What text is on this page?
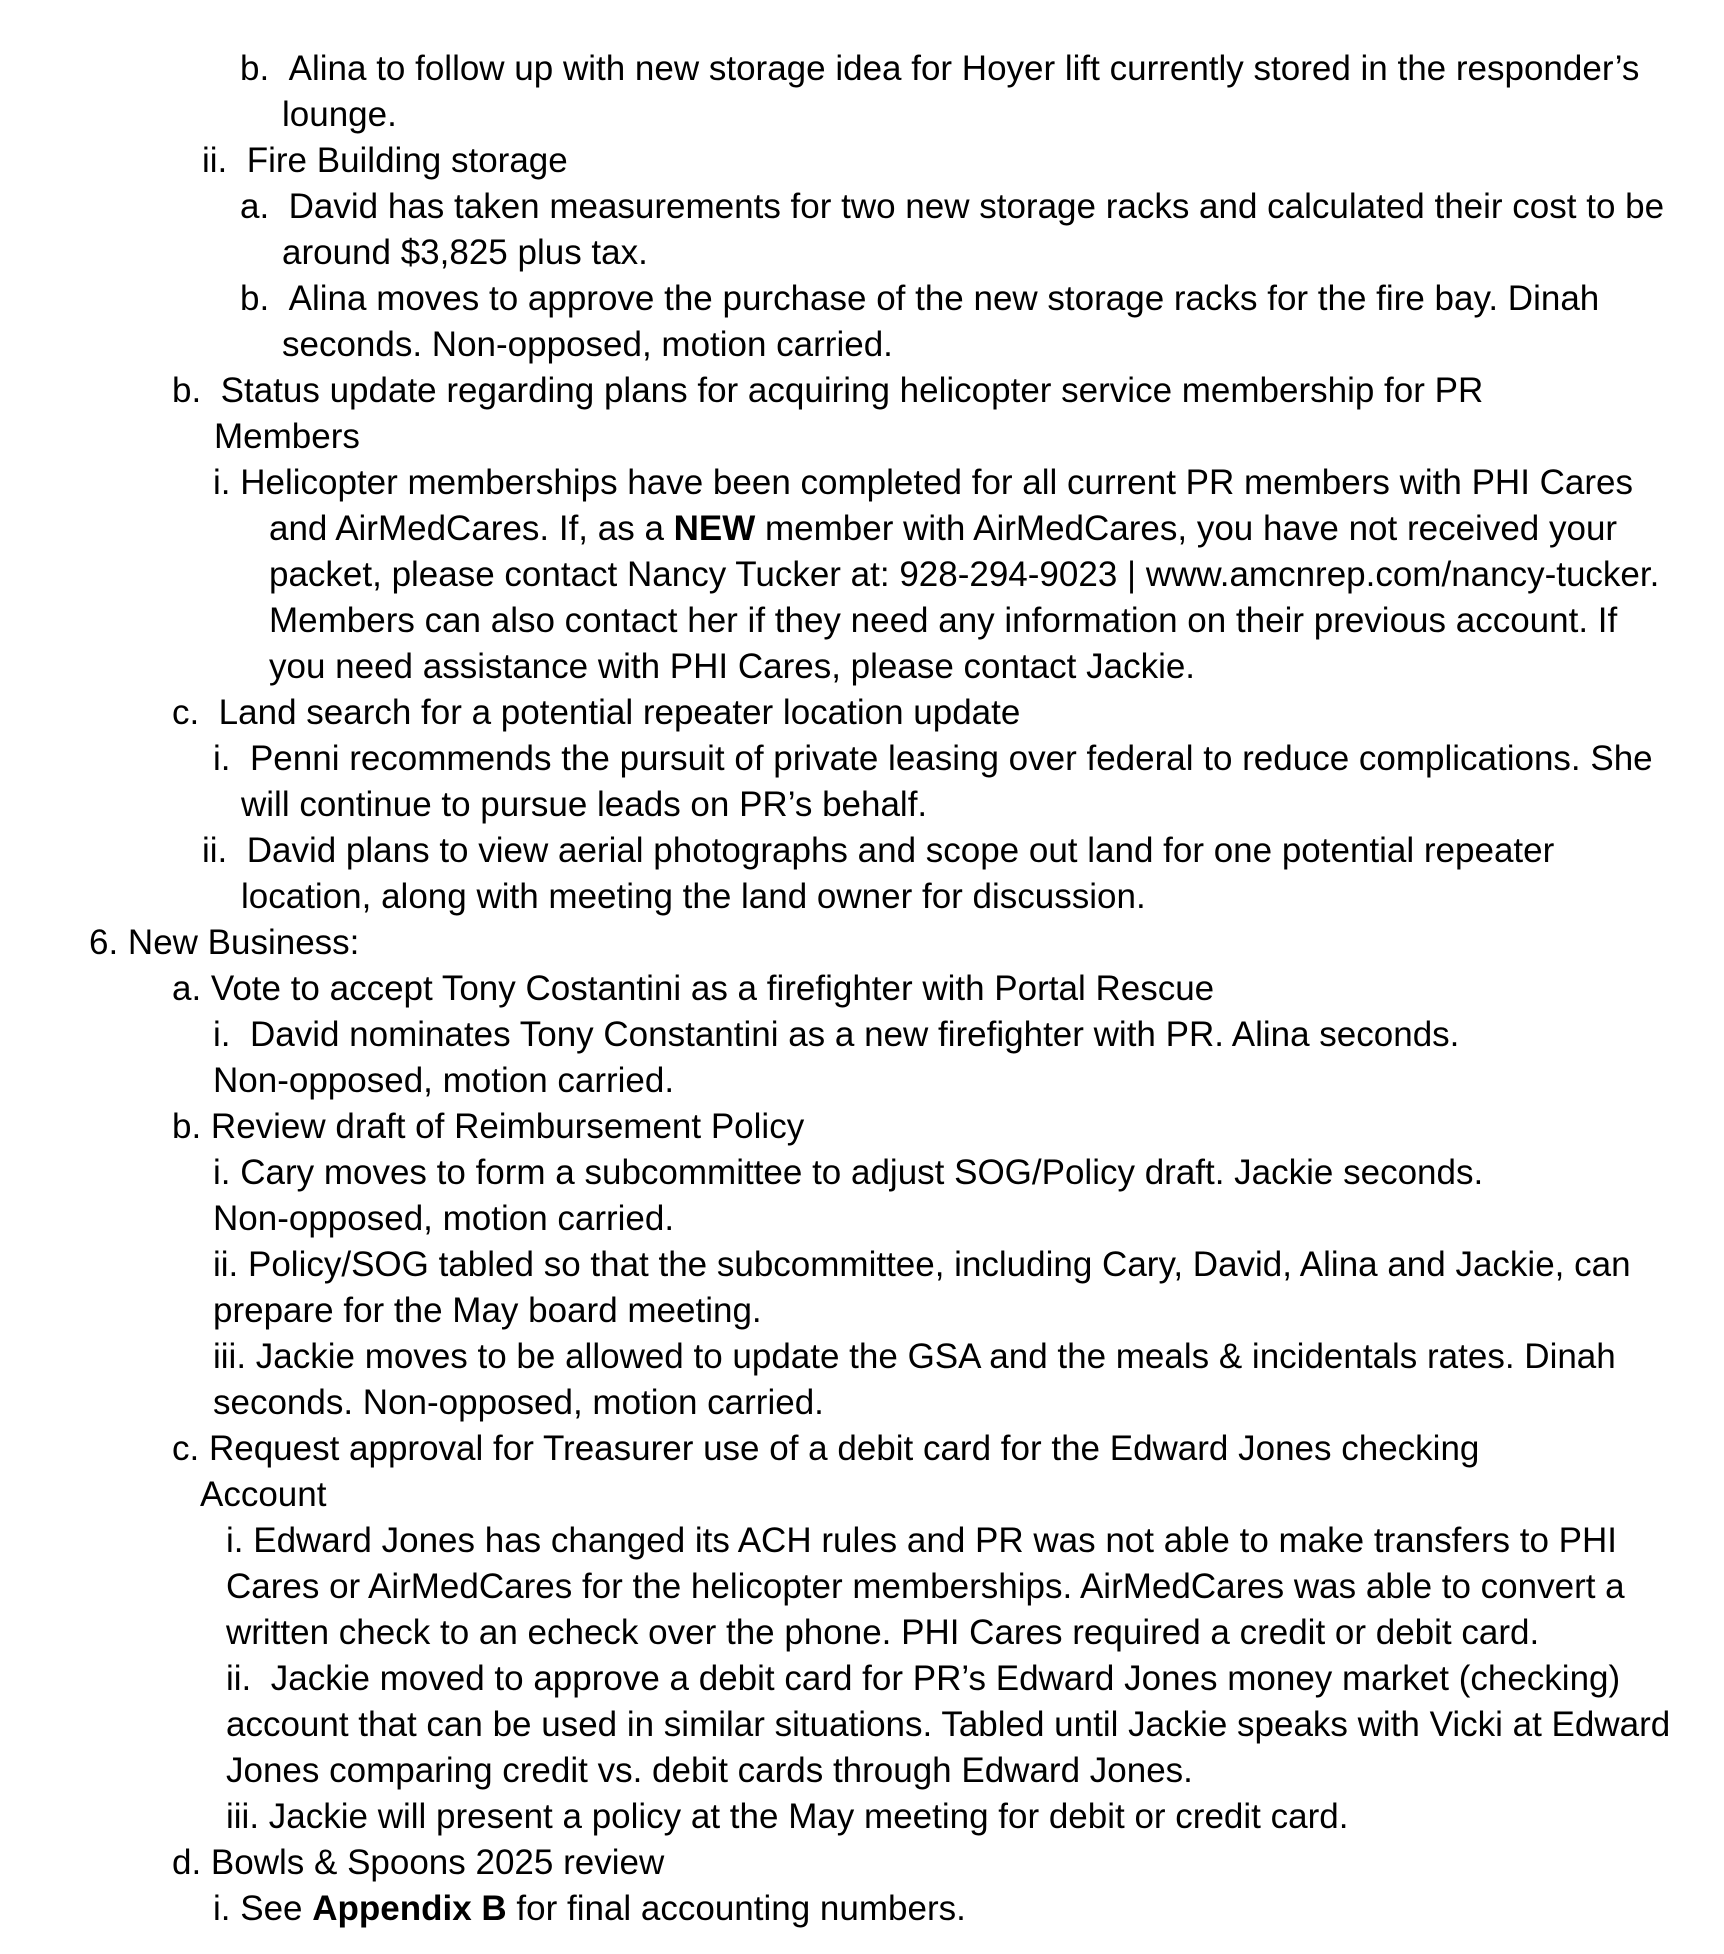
b.  Alina to follow up with new storage idea for Hoyer lift currently stored in the responder’s
lounge.
ii.  Fire Building storage
a.  David has taken measurements for two new storage racks and calculated their cost to be
around $3,825 plus tax.
b.  Alina moves to approve the purchase of the new storage racks for the fire bay. Dinah
seconds. Non-opposed, motion carried.
b.  Status update regarding plans for acquiring helicopter service membership for PR
Members
i. Helicopter memberships have been completed for all current PR members with PHI Cares
and AirMedCares. If, as a NEW member with AirMedCares, you have not received your
packet, please contact Nancy Tucker at: 928-294-9023 | www.amcnrep.com/nancy-tucker.
Members can also contact her if they need any information on their previous account. If
you need assistance with PHI Cares, please contact Jackie.
c.  Land search for a potential repeater location update
i.  Penni recommends the pursuit of private leasing over federal to reduce complications. She
will continue to pursue leads on PR’s behalf.
ii.  David plans to view aerial photographs and scope out land for one potential repeater
location, along with meeting the land owner for discussion.
6. New Business:
a. Vote to accept Tony Costantini as a firefighter with Portal Rescue
i.  David nominates Tony Constantini as a new firefighter with PR. Alina seconds.
Non-opposed, motion carried.
b. Review draft of Reimbursement Policy
i. Cary moves to form a subcommittee to adjust SOG/Policy draft. Jackie seconds.
Non-opposed, motion carried.
ii. Policy/SOG tabled so that the subcommittee, including Cary, David, Alina and Jackie, can
prepare for the May board meeting.
iii. Jackie moves to be allowed to update the GSA and the meals & incidentals rates. Dinah
seconds. Non-opposed, motion carried.
c. Request approval for Treasurer use of a debit card for the Edward Jones checking
Account
i. Edward Jones has changed its ACH rules and PR was not able to make transfers to PHI
Cares or AirMedCares for the helicopter memberships. AirMedCares was able to convert a
written check to an echeck over the phone. PHI Cares required a credit or debit card.
ii.  Jackie moved to approve a debit card for PR’s Edward Jones money market (checking)
account that can be used in similar situations. Tabled until Jackie speaks with Vicki at Edward
Jones comparing credit vs. debit cards through Edward Jones.
iii. Jackie will present a policy at the May meeting for debit or credit card.
d. Bowls & Spoons 2025 review
i. See Appendix B for final accounting numbers.
